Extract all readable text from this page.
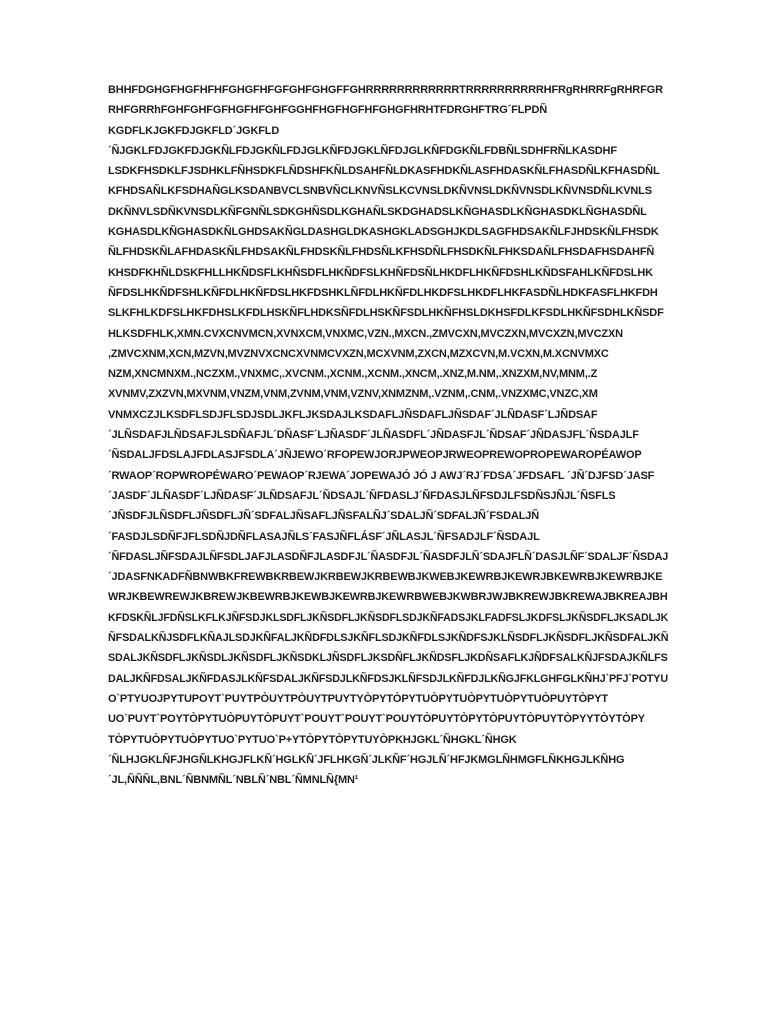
BHHFDGHGFHGFHFHFGHGFHFGFGHFGHGFFGHRRRRRRRRRRRRTRRRRRRRRRRHFRgRHRRFgRHRFGR
RHFGRRhFGHFGHFGFHGFHFGHFGGHFHGFHGFHFGHGFHRHTFDRGHFTRG´FLPDÑ
KGDFLKJGKFDJGKFLD´JGKFLD
´ÑJGKLFDJGKFDJGKÑLFDJGKÑLFDJGLKÑFDJGKLÑFDJGLKÑFDGKÑLFDBÑLSDHFRÑLKASDHF
LSDKFHSDKLFJSDHKLFÑHSDKFLÑDSHFKÑLDSAHFÑLDKASFHDKÑLASFHDASKÑLFHASDÑLKFHASDÑL
KFHDSAÑLKFSDHAÑGLKSDANBVCLSNBVÑCLKNVÑSLKCVNSLDKÑVNSLDKÑVNSDLKÑVNSDÑLKVNLS
DKÑNVLSDÑKVNSDLKÑFGNÑLSDKGHÑSDLKGHAÑLSKDGHADSLKÑGHASDLKÑGHASDKLÑGHASDÑL
KGHASDLKÑGHASDKÑLGHDSAKÑGLDASHGLDKASHGKLADSGHJKDLSAGFHDSAKÑLFJHDSKÑLFHSDK
ÑLFHDSKÑLAFHDASKÑLFHDSAKÑLFHDSKÑLFHDSÑLKFHSDÑLFHSDKÑLFHKSDAÑLFHSDAFHSDAHFÑ
KHSDFKHÑLDSKFHLLHKÑDSFLKHÑSDFLHKÑDFSLKHÑFDSÑLHKDFLHKÑFDSHLKÑDSFAHLKÑFDSLHK
ÑFDSLHKÑDFSHLKÑFDLHKÑFDSLHKFDSHKLÑFDLHKÑFDLHKDFSLHKDFLHKFASDÑLHDKFASFLHKFDH
SLKFHLKDFSLHKFDHSLKFDLHSKÑFLHDKSÑFDLHSKÑFSDLHKÑFHSLDKHSFDLKFSDLHKÑFSDHLKÑSDF
HLKSDFHLK,XMN.CVXCNVMCN,XVNXCM,VNXMC,VZN.,MXCN.,ZMVCXN,MVCZXN,MVCXZN,MVCZXN
,ZMVCXNM,XCN,MZVN,MVZNVXCNCXVNMCVXZN,MCXVNM,ZXCN,MZXCVN,M.VCXN,M.XCNVMXC
NZM,XNCMNXM.,NCZXM.,VNXMC,.XVCNM.,XCNM.,XCNM.,XNCM,.XNZ,M.NM,.XNZXM,NV,MNM,.Z
XVNMV,ZXZVN,MXVNM,VNZM,VNM,ZVNM,VNM,VZNV,XNMZNM,.VZNM,.CNM,.VNZXMC,VNZC,XM
VNMXCZJLKSDFLSDJFLSDJSDLJKFLJKSDAJLKSDAFLJÑSDAFLJÑSDAF´JLÑDASF´LJÑDSAF
´JLÑSDAFJLÑDSAFJLSDÑAFJL´DÑASF´LJÑASDF´JLÑASDFL´JÑDASFJL´ÑDSAF´JÑDASJFL´ÑSDAJLF
´ÑSDALJFDSLAJFDLASJFSDLA´JÑJEWO´RFOPEWJORJPWEOPJRWEOPREWOPROPEWAROPÉAWOP
´RWAOP´ROPWROPÉWARO´PEWAOP´RJEWA´JOPEWAJÓ JÓ J AWJ´RJ´FDSA´JFDSAFL ´JÑ´DJFSD´JASF
´JASDF´JLÑASDF´LJÑDASF´JLÑDSAFJL´ÑDSAJL´ÑFDASLJ´ÑFDASJLÑFSDJLFSDÑSJÑJL´ÑSFLS
´JÑSDFJLÑSDFLJÑSDFLJÑ´SDFALJÑSAFLJÑSFALÑJ´SDALJÑ´SDFALJÑ´FSDALJÑ
´FASDJLSDÑFJFLSDÑJDÑFLASAJÑLS´FASJÑFLÁSF´JÑLASJL´ÑFSADJLF´ÑSDAJL
´ÑFDASLJÑFSDAJLÑFSDLJAFJLASDÑFJLASDFJL´ÑASDFJL´ÑASDFJLÑ´SDAJFLÑ´DASJLÑF´SDALJF´ÑSDAJ
´JDASFNKADFÑBNWBKFREWBKRBEWJKRBEWJKRBEWBJKWEBJKEWRBJKEWRJBKEWRBJKEWRBJKE
WRJKBEWREWJKBREWJKBEWRBJKEWBJKEWRBJKEWRBWEBJKWBRJWJBKREWJBKREWAJBKREAJBH
KFDSKÑLJFDÑSLKFLKJÑFSDJKLSDFLJKÑSDFLJKÑSDFLSDJKÑFADSJKLFADFSLJKDFSLJKÑSDFLJKSADLJK
ÑFSDALKÑJSDFLKÑAJLSDJKÑFALJKÑDFDLSJKÑFLSDJKÑFDLSJKÑDFSJKLÑSDFLJKÑSDFLJKÑSDFALJKÑ
SDALJKÑSDFLJKÑSDLJKÑSDFLJKÑSDKLJÑSDFLJKSDÑFLJKÑDSFLJKDÑSAFLKJÑDFSALKÑJFSDAJKÑLFS
DALJKÑFDSALJKÑFDASJLKÑFSDALJKÑFSDJLKÑFDSJKLÑFSDJLKÑFDJLKÑGJFKLGHFGLKÑHJ`PFJ`POTYU
O`PTYUOJPYTUPOYT`PUYTPÒUYTPÒUYTPUYTYÒPYTÒPYTUÒPYTUÒPYTUÒPYTUÒPUYTÒPYT
UO`PUYT`POYTÒPYTUÒPUYTÒPUYT`POUYT`POUYT`POUYTÒPUYTÒPYTÒPUYTÒPUYTÒPYYTÒYTÒPY
TÒPYTUÒPYTUÒPYTUO`PYTUO`P+YTÒPYTÒPYTUYÒPKHJGKL´ÑHGKL´ÑHGK
´ÑLHJGKLÑFJHGÑLKHGJFLKÑ´HGLKÑ´JFLHKGÑ´JLKÑF´HGJLÑ´HFJKMGLÑHMGFLÑKHGJLKÑHG
´JL,ÑÑÑL,BNL´ÑBNMÑL´NBLÑ´NBL´ÑMNLÑ{MN¹
